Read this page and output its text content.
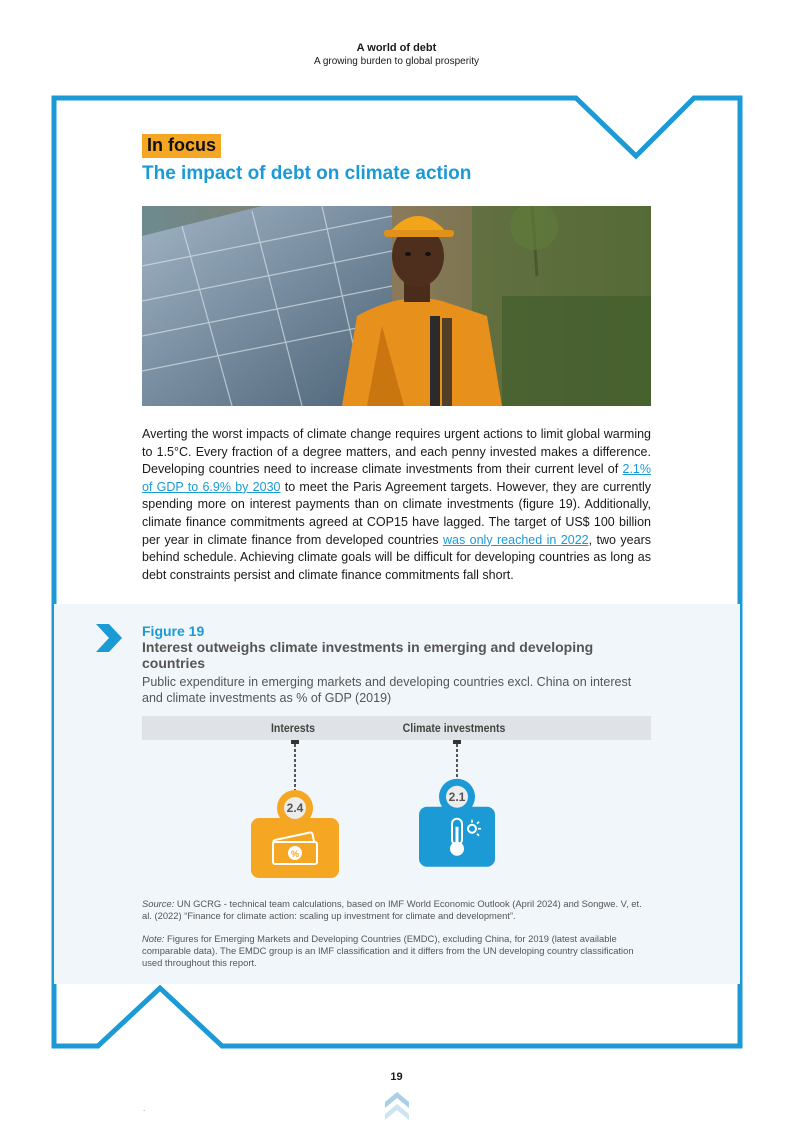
A world of debt
A growing burden to global prosperity
In focus
The impact of debt on climate action
Averting the worst impacts of climate change requires urgent actions to limit global warming to 1.5°C. Every fraction of a degree matters, and each penny invested makes a difference. Developing countries need to increase climate investments from their current level of 2.1% of GDP to 6.9% by 2030 to meet the Paris Agreement targets. However, they are currently spending more on interest payments than on climate investments (figure 19). Additionally, climate finance commitments agreed at COP15 have lagged. The target of US$ 100 billion per year in climate finance from developed countries was only reached in 2022, two years behind schedule. Achieving climate goals will be difficult for developing countries as long as debt constraints persist and climate finance commitments fall short.
Figure 19
Interest outweighs climate investments in emerging and developing countries
Public expenditure in emerging markets and developing countries excl. China on interest and climate investments as % of GDP (2019)
Interests	Climate investments
2.4
%
2.1
Source: UN GCRG - technical team calculations, based on IMF World Economic Outlook (April 2024) and Songwe. V, et. al. (2022) “Finance for climate action: scaling up investment for climate and development”.
Note: Figures for Emerging Markets and Developing Countries (EMDC), excluding China, for 2019 (latest available comparable data). The EMDC group is an IMF classification and it differs from the UN developing country classification used throughout this report.
19
.
